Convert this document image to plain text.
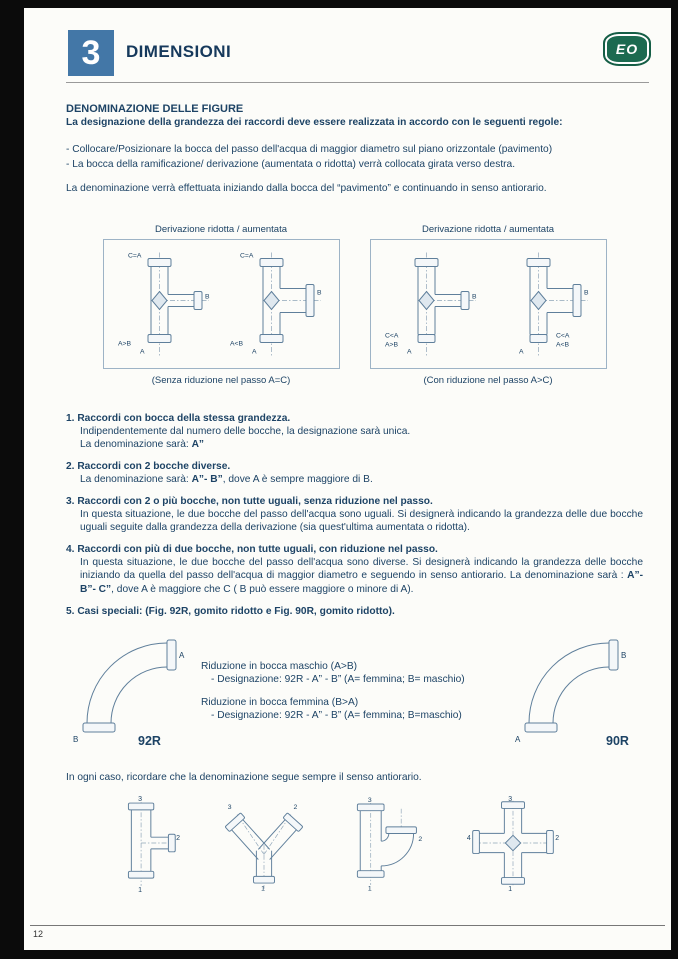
3 DIMENSIONI	EO

DENOMINAZIONE DELLE FIGURE

La designazione della grandezza dei raccordi deve essere realizzata in accordo con le seguenti regole:

- Collocare/Posizionare la bocca del passo dell'acqua di maggior diametro sul piano orizzontale (pavimento)

- La bocca della ramificazione/ derivazione (aumentata o ridotta) verrà collocata girata verso destra.

La denominazione verrà effettuata iniziando dalla bocca del “pavimento” e continuando in senso antiorario.

Derivazione ridotta / aumentata
C=A
B
A
A>B
C=A
B
A
A<B
(Senza riduzione nel passo A=C)
Derivazione ridotta / aumentata
B
A
C<A
A>B
B
A
C<A
A<B
(Con riduzione nel passo A>C)

1. Raccordi con bocca della stessa grandezza.

Indipendentemente dal numero delle bocche, la designazione sarà unica.

La denominazione sarà: A”

2. Raccordi con 2 bocche diverse.

La denominazione sarà: A”- B”, dove A è sempre maggiore di B.

3. Raccordi con 2 o più bocche, non tutte uguali, senza riduzione nel passo.

In questa situazione, le due bocche del passo dell'acqua sono uguali. Si designerà indicando la grandezza delle due bocche uguali seguite dalla grandezza della derivazione (sia quest'ultima aumentata o ridotta).

4. Raccordi con più di due bocche, non tutte uguali, con riduzione nel passo.

In questa situazione, le due bocche del passo dell'acqua sono diverse. Si designerà indicando la grandezza delle bocche iniziando da quella del passo dell'acqua di maggior diametro e seguendo in senso antiorario. La denominazione sarà : A”- B”- C”, dove A è maggiore che C ( B può essere maggiore o minore di A).

5. Casi speciali: (Fig. 92R, gomito ridotto e Fig. 90R, gomito ridotto).

A
B	92R

Riduzione in bocca maschio (A>B)

- Designazione: 92R - A” - B” (A= femmina; B= maschio)

Riduzione in bocca femmina (B>A)

- Designazione: 92R - A” - B” (A= femmina; B=maschio)

B
A	90R
In ogni caso, ricordare che la denominazione segue sempre il senso antiorario.
3
2
1
3	2
1
3
2
1
3
2
4
1
12
